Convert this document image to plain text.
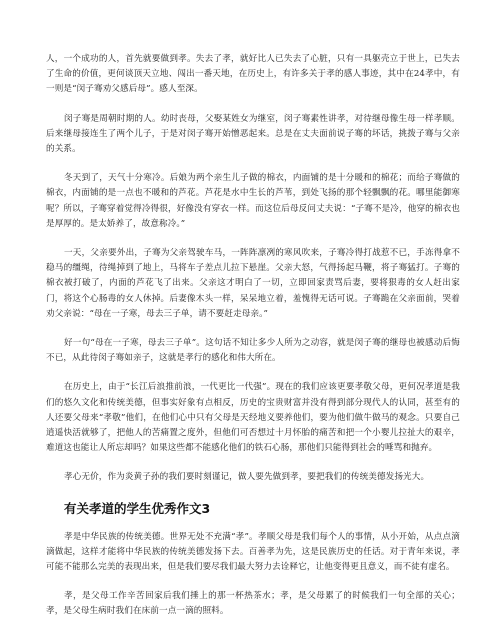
人，一个成功的人，首先就要做到孝。失去了孝，就好比人已失去了心脏，只有一具躯壳立于世上，已失去了生命的价值，更何谈顶天立地、闯出一番天地，在历史上，有许多关于孝的感人事迹，其中在24孝中，有一则是“闵子骞劝父感后母”。感人至深。

闵子骞是周朝时期的人。幼时丧母，父娶某姓女为继室，闵子骞素性讲孝，对待继母像生母一样孝顺。后来继母接连生了两个儿子，于是对闵子骞开始憎恶起来。总是在丈夫面前说子骞的坏话，挑拨子骞与父亲的关系。

冬天到了，天气十分寒冷。后娘为两个亲生儿子做的棉衣，内面铺的是十分暖和的棉花；而给子骞做的棉衣，内面铺的是一点也不暖和的芦花。芦花是水中生长的芦苇，到处飞扬的那个轻飘飘的花。哪里能御寒呢？所以，子骞穿着觉得冷得很，好像没有穿衣一样。而这位后母反问丈夫说：“子骞不是冷，他穿的棉衣也是厚厚的。是太娇养了，故意称冷。”

一天，父亲要外出，子骞为父亲驾驶车马，一阵阵凛冽的寒风吹来，子骞冷得打战惹不已，手冻得拿不稳马的缰绳，待绳掉到了地上，马将车子差点儿拉下悬崖。父亲大怒，气得扬起马鞭，将子骞猛打。子骞的棉衣被打破了，内面的芦花飞了出来。父亲这才明白了一切，立即回家责骂后妻，要将狠毒的女人赶出家门，将这个心肠毒的女人休掉。后妻像木头一样，呆呆地立着，羞愧得无话可说。子骞跪在父亲面前，哭着劝父亲说：“母在一子寒，母去三子单，请不要赶走母亲。”

好一句“母在一子寒，母去三子单”。这句话不知让多少人所为之动容，就是闵子骞的继母也被感动后悔不已，从此待闵子骞如亲子，这就是孝行的感化和伟大所在。

在历史上，由于“长江后浪推前浪，一代更比一代强”。现在的我们应该更要孝敬父母，更何况孝道是我们的悠久文化和传统美德，但事实好象有点相反，历史的宝贵财富并没有得到部分现代人的认同，甚至有的人还要父母来“孝敬”他们，在他们心中只有父母是天经地义要养他们，要为他们做牛做马的观念。只要自己逍遥快活就够了，把他人的苦痛置之度外，但他们可否想过十月怀胎的痛苦和把一个小婴儿拉扯大的艰辛，难道这也能让人所忘却吗？如果这些都不能感化他们的铁石心肠，那他们只能得到社会的唾骂和抛弃。

孝心无价，作为炎黄子孙的我们要时刻谨记，做人要先做到孝，要把我们的传统美德发扬光大。

有关孝道的学生优秀作文3

孝是中华民族的传统美德。世界无处不充满“孝”。孝顺父母是我们每个人的事情，从小开始，从点点滴滴做起，这样才能将中华民族的传统美德发扬下去。百善孝为先，这是民族历史的任话。对于青年来说，孝可能不能那么完美的表现出来，但是我们要尽我们最大努力去诠释它，让他变得更且意义，而不徒有虚名。

孝，是父母工作辛苦回家后我们捶上的那一杯热茶水；孝，是父母累了的时候我们一句全部的关心；孝，是父母生病时我们在床前一点一滴的照料。
